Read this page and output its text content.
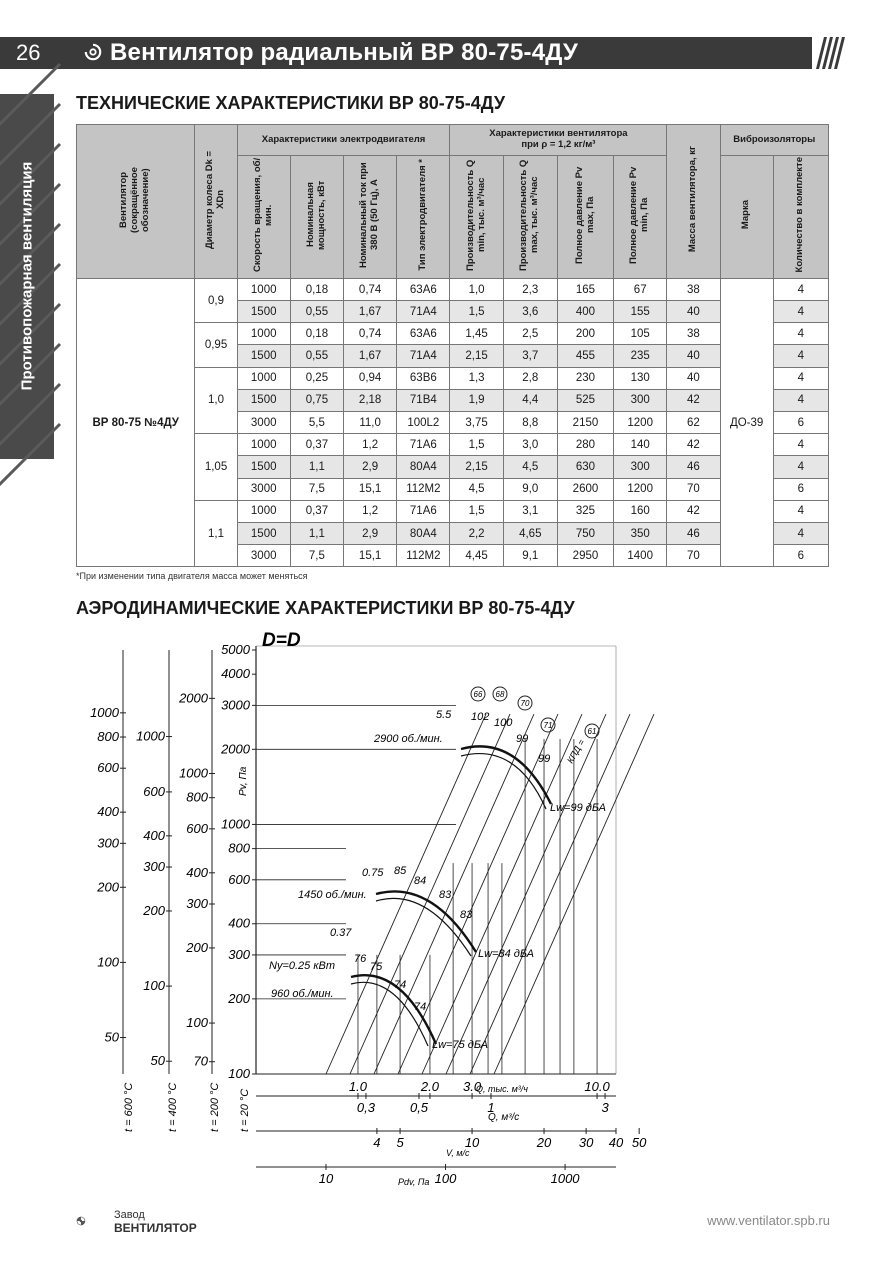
26	Вентилятор радиальный ВР 80-75-4ДУ
Противопожарная вентиляция
ТЕХНИЧЕСКИЕ ХАРАКТЕРИСТИКИ ВР 80-75-4ДУ
Вентилятор (сокращённое обозначение)	Диаметр колеса Dk = XDn	Характеристики электродвигателя				Характеристики вентилятора
при ρ = 1,2 кг/м³				Масса вентилятора, кг	Виброизоляторы	
		Скорость вращения, об/мин.	Номинальная мощность, кВт	Номинальный ток при 380 В (50 Гц), А	Тип электродвигателя *	Производительность Q min, тыс. м³/час	Производительность Q max, тыс. м³/час	Полное давление Pv max, Па	Полное давление Pv min, Па		Марка	Количество в комплекте
ВР 80-75 №4ДУ	0,9	1000	0,18	0,74	63А6	1,0	2,3	165	67	38	ДО-39	4
		1500	0,55	1,67	71А4	1,5	3,6	400	155	40		4
	0,95	1000	0,18	0,74	63А6	1,45	2,5	200	105	38		4
		1500	0,55	1,67	71А4	2,15	3,7	455	235	40		4
	1,0	1000	0,25	0,94	63В6	1,3	2,8	230	130	40		4
		1500	0,75	2,18	71В4	1,9	4,4	525	300	42		4
		3000	5,5	11,0	100L2	3,75	8,8	2150	1200	62		6
	1,05	1000	0,37	1,2	71А6	1,5	3,0	280	140	42		4
		1500	1,1	2,9	80А4	2,15	4,5	630	300	46		4
		3000	7,5	15,1	112М2	4,5	9,0	2600	1200	70		6
	1,1	1000	0,37	1,2	71А6	1,5	3,1	325	160	42		4
		1500	1,1	2,9	80А4	2,2	4,65	750	350	46		4
		3000	7,5	15,1	112М2	4,45	9,1	2950	1400	70		6
*При изменении типа двигателя масса может меняться
АЭРОДИНАМИЧЕСКИЕ ХАРАКТЕРИСТИКИ ВР 80-75-4ДУ
D=D
Pv, Па
2900 об./мин.
1450 об./мин.
960 об./мин.
Ny=0.25 кВт
5.5
0.75
0.37
102 100
99
99
85
84
83
83
76
75
74
74
66 68
70
71
61
КПД =
Lw=99 дБА
Lw=84 дБА
Lw=75 дБА
5000
4000
3000
2000
1000
800
600
400
300
200
100
2000
1000
800
600
400
300
200
100
70
1000
600
400
300
200
100
50
1000
800
600
400
300
200
100
50
t = 600 °C	t = 400 °C	t = 200 °C t = 20 °C
1.0	2.0 3.0	10.0
0,3	0,5	1	3
4 5	10	20 30 40 50
10	100	1000
Q, тыс. м³/ч
Q, м³/с
V, м/с
Pdv, Па
Завод
ВЕНТИЛЯТОР	www.ventilator.spb.ru
